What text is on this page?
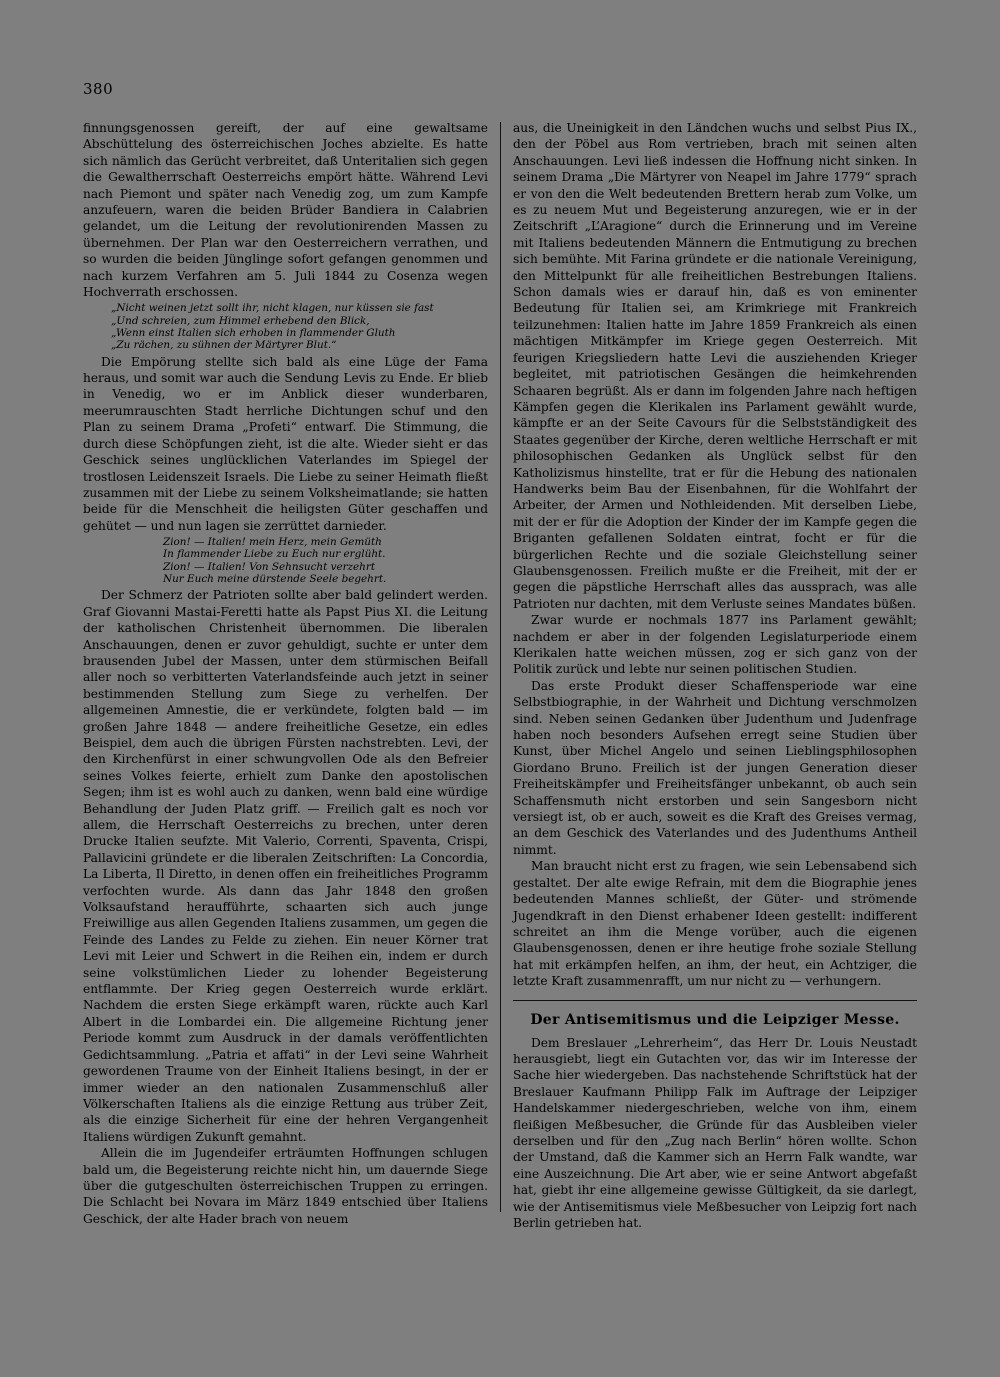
380

finnungsgenossen gereift, der auf eine gewaltsame Abschüttelung des österreichischen Joches abzielte. Es hatte sich nämlich das Gerücht verbreitet, daß Unteritalien sich gegen die Gewaltherrschaft Oesterreichs empört hätte. Während Levi nach Piemont und später nach Venedig zog, um zum Kampfe anzufeuern, waren die beiden Brüder Bandiera in Calabrien gelandet, um die Leitung der revolutionirenden Massen zu übernehmen. Der Plan war den Oesterreichern verrathen, und so wurden die beiden Jünglinge sofort gefangen genommen und nach kurzem Verfahren am 5. Juli 1844 zu Cosenza wegen Hochverrath erschossen.

„Nicht weinen jetzt sollt ihr, nicht klagen, nur küssen sie fast
„Und schreien, zum Himmel erhebend den Blick,
„Wenn einst Italien sich erhoben in flammender Gluth
„Zu rächen, zu sühnen der Märtyrer Blut.“

Die Empörung stellte sich bald als eine Lüge der Fama heraus, und somit war auch die Sendung Levis zu Ende. Er blieb in Venedig, wo er im Anblick dieser wunderbaren, meerumrauschten Stadt herrliche Dichtungen schuf und den Plan zu seinem Drama „Profeti“ entwarf. Die Stimmung, die durch diese Schöpfungen zieht, ist die alte. Wieder sieht er das Geschick seines unglücklichen Vaterlandes im Spiegel der trostlosen Leidenszeit Israels. Die Liebe zu seiner Heimath fließt zusammen mit der Liebe zu seinem Volksheimatlande; sie hatten beide für die Menschheit die heiligsten Güter geschaffen und gehütet — und nun lagen sie zerrüttet darnieder.

Zion! — Italien! mein Herz, mein Gemüth
In flammender Liebe zu Euch nur erglüht.
Zion! — Italien! Von Sehnsucht verzehrt
Nur Euch meine dürstende Seele begehrt.

Der Schmerz der Patrioten sollte aber bald gelindert werden. Graf Giovanni Mastai-Feretti hatte als Papst Pius XI. die Leitung der katholischen Christenheit übernommen. Die liberalen Anschauungen, denen er zuvor gehuldigt, suchte er unter dem brausenden Jubel der Massen, unter dem stürmischen Beifall aller noch so verbitterten Vaterlandsfeinde auch jetzt in seiner bestimmenden Stellung zum Siege zu verhelfen. Der allgemeinen Amnestie, die er verkündete, folgten bald — im großen Jahre 1848 — andere freiheitliche Gesetze, ein edles Beispiel, dem auch die übrigen Fürsten nachstrebten. Levi, der den Kirchenfürst in einer schwungvollen Ode als den Befreier seines Volkes feierte, erhielt zum Danke den apostolischen Segen; ihm ist es wohl auch zu danken, wenn bald eine würdige Behandlung der Juden Platz griff. — Freilich galt es noch vor allem, die Herrschaft Oesterreichs zu brechen, unter deren Drucke Italien seufzte. Mit Valerio, Correnti, Spaventa, Crispi, Pallavicini gründete er die liberalen Zeitschriften: La Concordia, La Liberta, Il Diretto, in denen offen ein freiheitliches Programm verfochten wurde. Als dann das Jahr 1848 den großen Volksaufstand heraufführte, schaarten sich auch junge Freiwillige aus allen Gegenden Italiens zusammen, um gegen die Feinde des Landes zu Felde zu ziehen. Ein neuer Körner trat Levi mit Leier und Schwert in die Reihen ein, indem er durch seine volkstümlichen Lieder zu lohender Begeisterung entflammte. Der Krieg gegen Oesterreich wurde erklärt. Nachdem die ersten Siege erkämpft waren, rückte auch Karl Albert in die Lombardei ein. Die allgemeine Richtung jener Periode kommt zum Ausdruck in der damals veröffentlichten Gedichtsammlung. „Patria et affati“ in der Levi seine Wahrheit gewordenen Traume von der Einheit Italiens besingt, in der er immer wieder an den nationalen Zusammenschluß aller Völkerschaften Italiens als die einzige Rettung aus trüber Zeit, als die einzige Sicherheit für eine der hehren Vergangenheit Italiens würdigen Zukunft gemahnt.

Allein die im Jugendeifer erträumten Hoffnungen schlugen bald um, die Begeisterung reichte nicht hin, um dauernde Siege über die gutgeschulten österreichischen Truppen zu erringen. Die Schlacht bei Novara im März 1849 entschied über Italiens Geschick, der alte Hader brach von neuem

aus, die Uneinigkeit in den Ländchen wuchs und selbst Pius IX., den der Pöbel aus Rom vertrieben, brach mit seinen alten Anschauungen. Levi ließ indessen die Hoffnung nicht sinken. In seinem Drama „Die Märtyrer von Neapel im Jahre 1779“ sprach er von den die Welt bedeutenden Brettern herab zum Volke, um es zu neuem Mut und Begeisterung anzuregen, wie er in der Zeitschrift „L’Aragione“ durch die Erinnerung und im Vereine mit Italiens bedeutenden Männern die Entmutigung zu brechen sich bemühte. Mit Farina gründete er die nationale Vereinigung, den Mittelpunkt für alle freiheitlichen Bestrebungen Italiens. Schon damals wies er darauf hin, daß es von eminenter Bedeutung für Italien sei, am Krimkriege mit Frankreich teilzunehmen: Italien hatte im Jahre 1859 Frankreich als einen mächtigen Mitkämpfer im Kriege gegen Oesterreich. Mit feurigen Kriegsliedern hatte Levi die ausziehenden Krieger begleitet, mit patriotischen Gesängen die heimkehrenden Schaaren begrüßt. Als er dann im folgenden Jahre nach heftigen Kämpfen gegen die Klerikalen ins Parlament gewählt wurde, kämpfte er an der Seite Cavours für die Selbstständigkeit des Staates gegenüber der Kirche, deren weltliche Herrschaft er mit philosophischen Gedanken als Unglück selbst für den Katholizismus hinstellte, trat er für die Hebung des nationalen Handwerks beim Bau der Eisenbahnen, für die Wohlfahrt der Arbeiter, der Armen und Nothleidenden. Mit derselben Liebe, mit der er für die Adoption der Kinder der im Kampfe gegen die Briganten gefallenen Soldaten eintrat, focht er für die bürgerlichen Rechte und die soziale Gleichstellung seiner Glaubensgenossen. Freilich mußte er die Freiheit, mit der er gegen die päpstliche Herrschaft alles das aussprach, was alle Patrioten nur dachten, mit dem Verluste seines Mandates büßen.

Zwar wurde er nochmals 1877 ins Parlament gewählt; nachdem er aber in der folgenden Legislaturperiode einem Klerikalen hatte weichen müssen, zog er sich ganz von der Politik zurück und lebte nur seinen politischen Studien.

Das erste Produkt dieser Schaffensperiode war eine Selbstbiographie, in der Wahrheit und Dichtung verschmolzen sind. Neben seinen Gedanken über Judenthum und Judenfrage haben noch besonders Aufsehen erregt seine Studien über Kunst, über Michel Angelo und seinen Lieblingsphilosophen Giordano Bruno. Freilich ist der jungen Generation dieser Freiheitskämpfer und Freiheitsfänger unbekannt, ob auch sein Schaffensmuth nicht erstorben und sein Sangesborn nicht versiegt ist, ob er auch, soweit es die Kraft des Greises vermag, an dem Geschick des Vaterlandes und des Judenthums Antheil nimmt.

Man braucht nicht erst zu fragen, wie sein Lebensabend sich gestaltet. Der alte ewige Refrain, mit dem die Biographie jenes bedeutenden Mannes schließt, der Güter- und strömende Jugendkraft in den Dienst erhabener Ideen gestellt: indifferent schreitet an ihm die Menge vorüber, auch die eigenen Glaubensgenossen, denen er ihre heutige frohe soziale Stellung hat mit erkämpfen helfen, an ihm, der heut, ein Achtziger, die letzte Kraft zusammenrafft, um nur nicht zu — verhungern.

Der Antisemitismus und die Leipziger Messe.

Dem Breslauer „Lehrerheim“, das Herr Dr. Louis Neustadt herausgiebt, liegt ein Gutachten vor, das wir im Interesse der Sache hier wiedergeben. Das nachstehende Schriftstück hat der Breslauer Kaufmann Philipp Falk im Auftrage der Leipziger Handelskammer niedergeschrieben, welche von ihm, einem fleißigen Meßbesucher, die Gründe für das Ausbleiben vieler derselben und für den „Zug nach Berlin“ hören wollte. Schon der Umstand, daß die Kammer sich an Herrn Falk wandte, war eine Auszeichnung. Die Art aber, wie er seine Antwort abgefaßt hat, giebt ihr eine allgemeine gewisse Gültigkeit, da sie darlegt, wie der Antisemitismus viele Meßbesucher von Leipzig fort nach Berlin getrieben hat.
